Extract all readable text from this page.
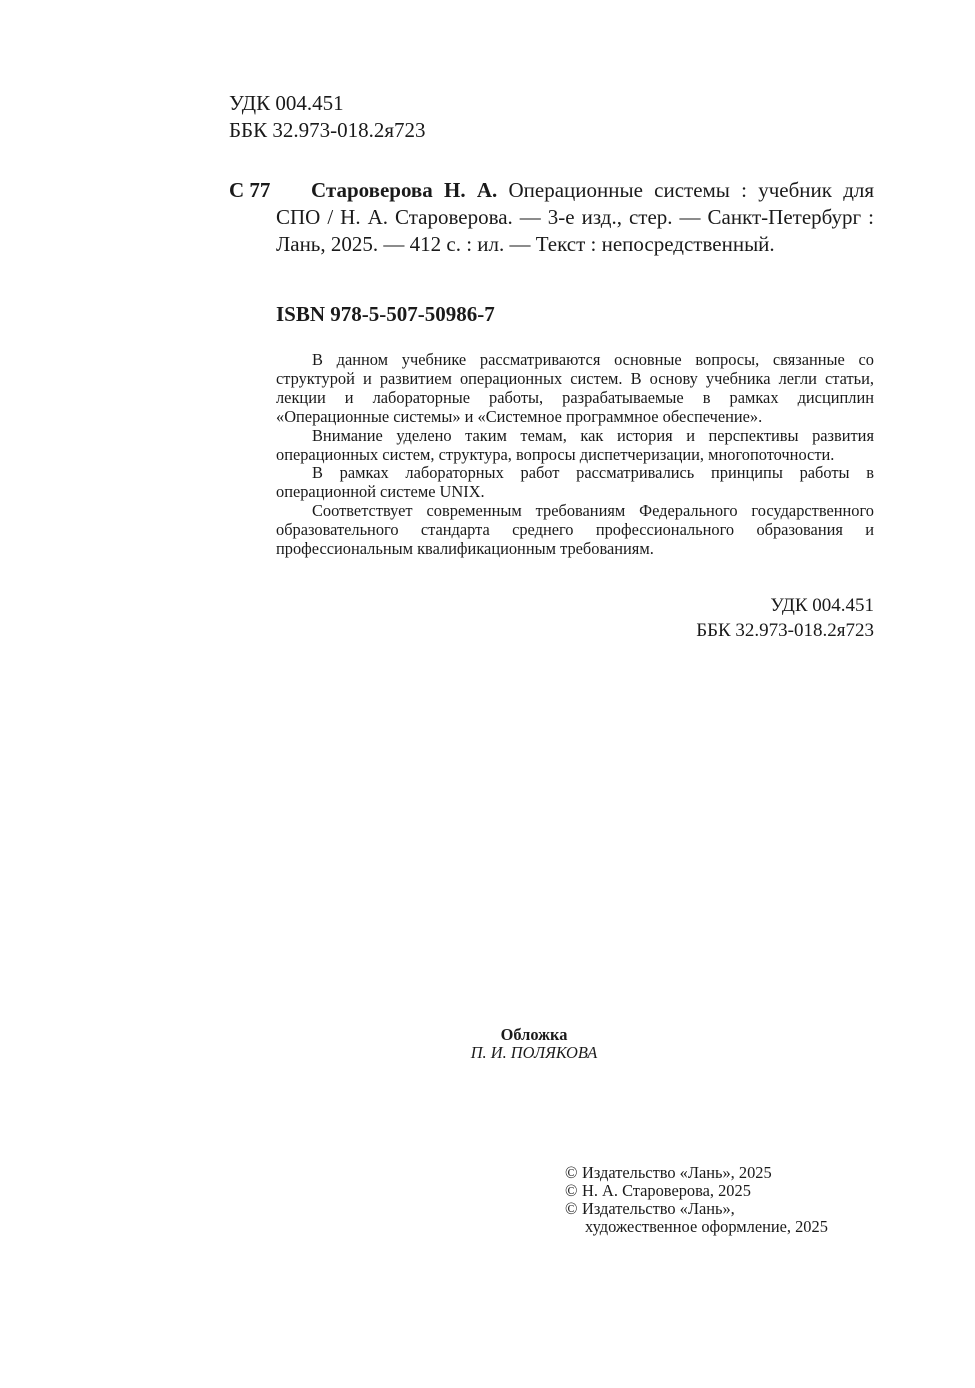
УДК 004.451
ББК 32.973-018.2я723
С 77	Староверова Н. А. Операционные системы : учебник для СПО / Н. А. Староверова. — 3-е изд., стер. — Санкт-Петербург : Лань, 2025. — 412 с. : ил. — Текст : непосредственный.
ISBN 978-5-507-50986-7

В данном учебнике рассматриваются основные вопросы, связанные со структурой и развитием операционных систем. В основу учебника легли статьи, лекции и лабораторные работы, разрабатываемые в рамках дисциплин «Операционные системы» и «Системное программное обеспечение».

Внимание уделено таким темам, как история и перспективы развития операционных систем, структура, вопросы диспетчеризации, многопоточности.

В рамках лабораторных работ рассматривались принципы работы в операционной системе UNIX.

Соответствует современным требованиям Федерального государственного образовательного стандарта среднего профессионального образования и профессиональным квалификационным требованиям.

УДК 004.451
ББК 32.973-018.2я723
Обложка
П. И. ПОЛЯКОВА
© Издательство «Лань», 2025
© Н. А. Староверова, 2025
© Издательство «Лань»,
художественное оформление, 2025
